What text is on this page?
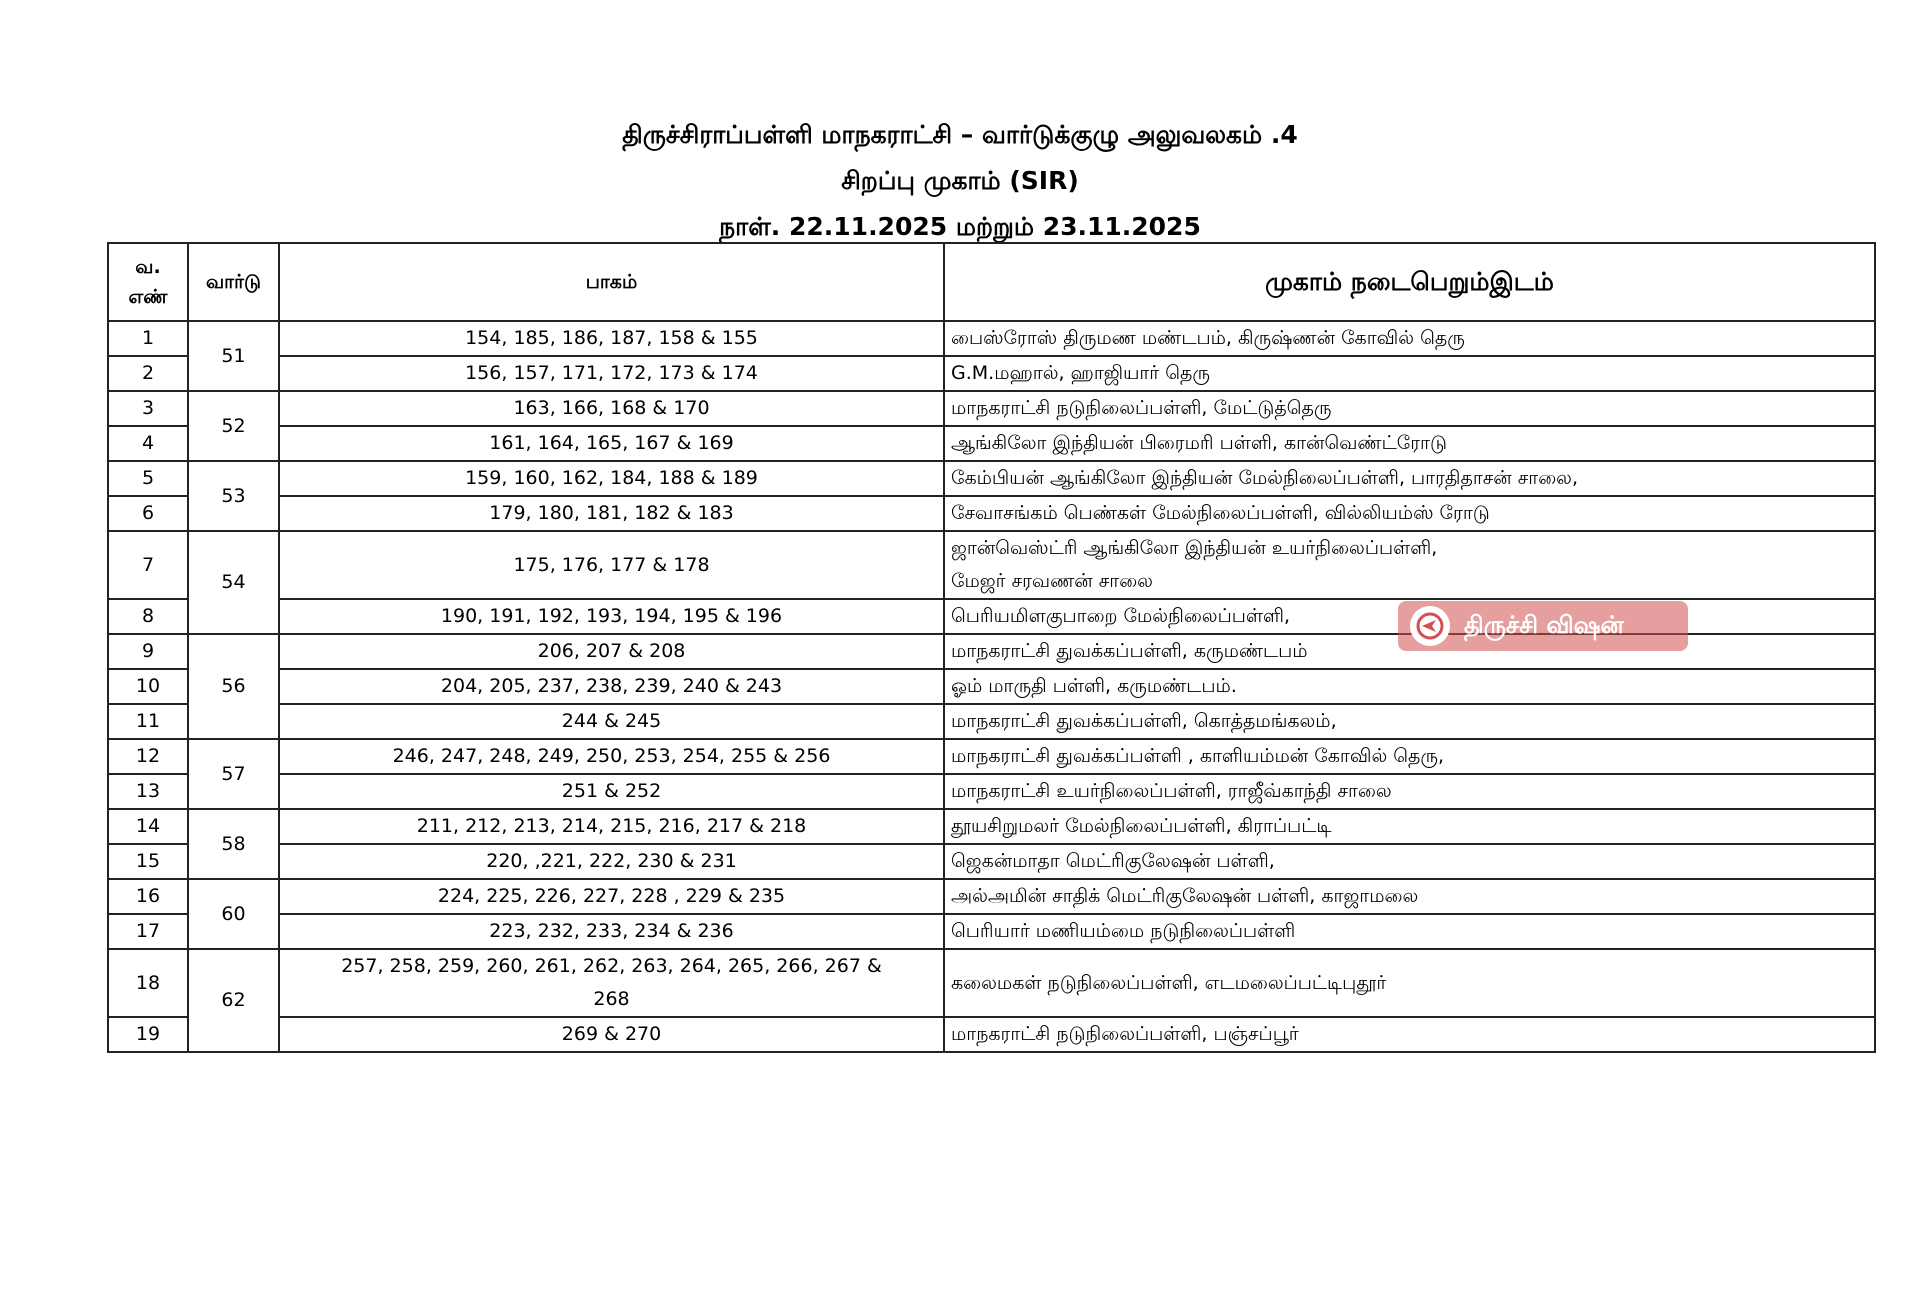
திருச்சிராப்பள்ளி மாநகராட்சி – வார்டுக்குழு அலுவலகம் .4
சிறப்பு முகாம் (SIR)
நாள். 22.11.2025 மற்றும் 23.11.2025
வ.
எண்	வார்டு	பாகம்	முகாம் நடைபெறும்இடம்
1	51	154, 185, 186, 187, 158 & 155	பைஸ்ரோஸ் திருமண மண்டபம், கிருஷ்ணன் கோவில் தெரு
2		156, 157, 171, 172, 173 & 174	G.M.மஹால், ஹாஜியார் தெரு
3	52	163, 166, 168 & 170	மாநகராட்சி நடுநிலைப்பள்ளி, மேட்டுத்தெரு
4		161, 164, 165, 167 & 169	ஆங்கிலோ இந்தியன் பிரைமரி பள்ளி, கான்வெண்ட்ரோடு
5	53	159, 160, 162, 184, 188 & 189	கேம்பியன் ஆங்கிலோ இந்தியன் மேல்நிலைப்பள்ளி, பாரதிதாசன் சாலை,
6		179, 180, 181, 182 & 183	சேவாசங்கம் பெண்கள் மேல்நிலைப்பள்ளி, வில்லியம்ஸ் ரோடு
7	54	175, 176, 177 & 178	ஜான்வெஸ்ட்ரி ஆங்கிலோ இந்தியன் உயர்நிலைப்பள்ளி,
மேஜர் சரவணன் சாலை
8		190, 191, 192, 193, 194, 195 & 196	பெரியமிளகுபாறை மேல்நிலைப்பள்ளி,
9	56	206, 207 & 208	மாநகராட்சி துவக்கப்பள்ளி, கருமண்டபம்
10		204, 205, 237, 238, 239, 240 & 243	ஓம் மாருதி பள்ளி, கருமண்டபம்.
11		244 & 245	மாநகராட்சி துவக்கப்பள்ளி, கொத்தமங்கலம்,
12	57	246, 247, 248, 249, 250, 253, 254, 255 & 256	மாநகராட்சி துவக்கப்பள்ளி , காளியம்மன் கோவில் தெரு,
13		251 & 252	மாநகராட்சி உயர்நிலைப்பள்ளி, ராஜீவ்காந்தி சாலை
14	58	211, 212, 213, 214, 215, 216, 217 & 218	தூயசிறுமலர் மேல்நிலைப்பள்ளி, கிராப்பட்டி
15		220, ,221, 222, 230 & 231	ஜெகன்மாதா மெட்ரிகுலேஷன் பள்ளி,
16	60	224, 225, 226, 227, 228 , 229 & 235	அல்அமின் சாதிக் மெட்ரிகுலேஷன் பள்ளி, காஜாமலை
17		223, 232, 233, 234 & 236	பெரியார் மணியம்மை நடுநிலைப்பள்ளி
18	62	257, 258, 259, 260, 261, 262, 263, 264, 265, 266, 267 &
268	கலைமகள் நடுநிலைப்பள்ளி, எடமலைப்பட்டிபுதூர்
19		269 & 270	மாநகராட்சி நடுநிலைப்பள்ளி, பஞ்சப்பூர்
திருச்சி விஷன்
